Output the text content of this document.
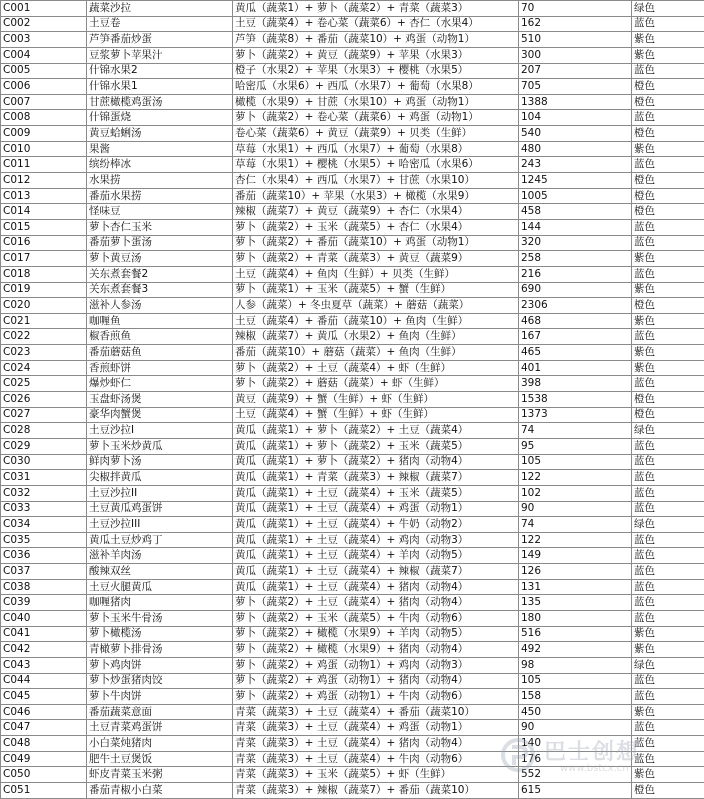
C001	蔬菜沙拉	黄瓜（蔬菜1）+ 萝卜（蔬菜2）+ 青菜（蔬菜3）	70	绿色
C002	土豆卷	土豆（蔬菜4）+ 卷心菜（蔬菜6）+ 杏仁（水果4）	162	蓝色
C003	芦笋番茄炒蛋	芦笋（蔬菜8）+ 番茄（蔬菜10）+ 鸡蛋（动物1）	510	紫色
C004	豆浆萝卜苹果汁	萝卜（蔬菜2）+ 黄豆（蔬菜9）+ 苹果（水果3）	300	紫色
C005	什锦水果2	橙子（水果2）+ 苹果（水果3）+ 樱桃（水果5）	207	蓝色
C006	什锦水果1	哈密瓜（水果6）+ 西瓜（水果7）+ 葡萄（水果8）	705	橙色
C007	甘蔗橄榄鸡蛋汤	橄榄（水果9）+ 甘蔗（水果10）+ 鸡蛋（动物1）	1388	橙色
C008	什锦蛋烧	萝卜（蔬菜2）+ 卷心菜（蔬菜6）+ 鸡蛋（动物1）	104	蓝色
C009	黄豆蛤蜊汤	卷心菜（蔬菜6）+ 黄豆（蔬菜9）+ 贝类（生鲜）	540	橙色
C010	果酱	草莓（水果1）+ 西瓜（水果7）+ 葡萄（水果8）	480	紫色
C011	缤纷棒冰	草莓（水果1）+ 樱桃（水果5）+ 哈密瓜（水果6）	243	蓝色
C012	水果捞	杏仁（水果4）+ 西瓜（水果7）+ 甘蔗（水果10）	1245	橙色
C013	番茄水果捞	番茄（蔬菜10）+ 苹果（水果3）+ 橄榄（水果9）	1005	橙色
C014	怪味豆	辣椒（蔬菜7）+ 黄豆（蔬菜9）+ 杏仁（水果4）	458	橙色
C015	萝卜杏仁玉米	萝卜（蔬菜2）+ 玉米（蔬菜5）+ 杏仁（水果4）	144	蓝色
C016	番茄萝卜蛋汤	萝卜（蔬菜2）+ 番茄（蔬菜10）+ 鸡蛋（动物1）	320	蓝色
C017	萝卜黄豆汤	萝卜（蔬菜2）+ 青菜（蔬菜3）+ 黄豆（蔬菜9）	258	紫色
C018	关东煮套餐2	土豆（蔬菜4）+ 鱼肉（生鲜）+ 贝类（生鲜）	216	蓝色
C019	关东煮套餐3	萝卜（蔬菜1）+ 玉米（蔬菜5）+ 蟹（生鲜）	690	紫色
C020	滋补人参汤	人参（蔬菜）+ 冬虫夏草（蔬菜）+ 蘑菇（蔬菜）	2306	橙色
C021	咖喱鱼	土豆（蔬菜4）+ 番茄（蔬菜10）+ 鱼肉（生鲜）	468	紫色
C022	椒香煎鱼	辣椒（蔬菜7）+ 黄瓜（水果2）+ 鱼肉（生鲜）	167	蓝色
C023	番茄蘑菇鱼	番茄（蔬菜10）+ 蘑菇（蔬菜）+ 鱼肉（生鲜）	465	紫色
C024	香煎虾饼	萝卜（蔬菜2）+ 土豆（蔬菜4）+ 虾（生鲜）	401	紫色
C025	爆炒虾仁	萝卜（蔬菜2）+ 蘑菇（蔬菜）+ 虾（生鲜）	398	蓝色
C026	玉盘虾汤煲	黄豆（蔬菜9）+ 蟹（生鲜）+ 虾（生鲜）	1538	橙色
C027	豪华肉蟹煲	土豆（蔬菜4）+ 蟹（生鲜）+ 虾（生鲜）	1373	橙色
C028	土豆沙拉I	黄瓜（蔬菜1）+ 萝卜（蔬菜2）+ 土豆（蔬菜4）	74	绿色
C029	萝卜玉米炒黄瓜	黄瓜（蔬菜1）+ 萝卜（蔬菜2）+ 玉米（蔬菜5）	95	蓝色
C030	鲜肉萝卜汤	黄瓜（蔬菜1）+ 萝卜（蔬菜2）+ 猪肉（动物4）	105	蓝色
C031	尖椒拌黄瓜	黄瓜（蔬菜1）+ 青菜（蔬菜3）+ 辣椒（蔬菜7）	122	蓝色
C032	土豆沙拉II	黄瓜（蔬菜1）+ 土豆（蔬菜4）+ 玉米（蔬菜5）	102	蓝色
C033	土豆黄瓜鸡蛋饼	黄瓜（蔬菜1）+ 土豆（蔬菜4）+ 鸡蛋（动物1）	90	蓝色
C034	土豆沙拉III	黄瓜（蔬菜1）+ 土豆（蔬菜4）+ 牛奶（动物2）	74	绿色
C035	黄瓜土豆炒鸡丁	黄瓜（蔬菜1）+ 土豆（蔬菜4）+ 鸡肉（动物3）	122	蓝色
C036	滋补羊肉汤	黄瓜（蔬菜1）+ 土豆（蔬菜4）+ 羊肉（动物5）	149	蓝色
C037	酸辣双丝	黄瓜（蔬菜1）+ 土豆（蔬菜4）+ 辣椒（蔬菜7）	126	蓝色
C038	土豆火腿黄瓜	黄瓜（蔬菜1）+ 土豆（蔬菜4）+ 猪肉（动物4）	131	蓝色
C039	咖喱猪肉	萝卜（蔬菜2）+ 土豆（蔬菜4）+ 猪肉（动物4）	135	蓝色
C040	萝卜玉米牛骨汤	萝卜（蔬菜2）+ 玉米（蔬菜5）+ 牛肉（动物6）	180	蓝色
C041	萝卜橄榄汤	萝卜（蔬菜2）+ 橄榄（水果9）+ 羊肉（动物5）	516	紫色
C042	青橄萝卜排骨汤	萝卜（蔬菜2）+ 橄榄（水果9）+ 猪肉（动物4）	492	紫色
C043	萝卜鸡肉饼	萝卜（蔬菜2）+ 鸡蛋（动物1）+ 鸡肉（动物3）	98	绿色
C044	萝卜炒蛋猪肉饺	萝卜（蔬菜2）+ 鸡蛋（动物1）+ 猪肉（动物4）	105	蓝色
C045	萝卜牛肉饼	萝卜（蔬菜2）+ 鸡蛋（动物1）+ 牛肉（动物6）	158	蓝色
C046	番茄蔬菜意面	青菜（蔬菜3）+ 土豆（蔬菜4）+ 番茄（蔬菜10）	450	紫色
C047	土豆青菜鸡蛋饼	青菜（蔬菜3）+ 土豆（蔬菜4）+ 鸡蛋（动物1）	90	蓝色
C048	小白菜炖猪肉	青菜（蔬菜3）+ 土豆（蔬菜4）+ 猪肉（动物4）	140	蓝色
C049	肥牛土豆煲饭	青菜（蔬菜3）+ 土豆（蔬菜4）+ 牛肉（动物6）	176	蓝色
C050	虾皮青菜玉米粥	青菜（蔬菜3）+ 玉米（蔬菜5）+ 虾（生鲜）	552	紫色
C051	番茄青椒小白菜	青菜（蔬菜3）+ 辣椒（蔬菜7）+ 番茄（蔬菜10）	615	橙色
巴士创想
www.bstcx.cn
